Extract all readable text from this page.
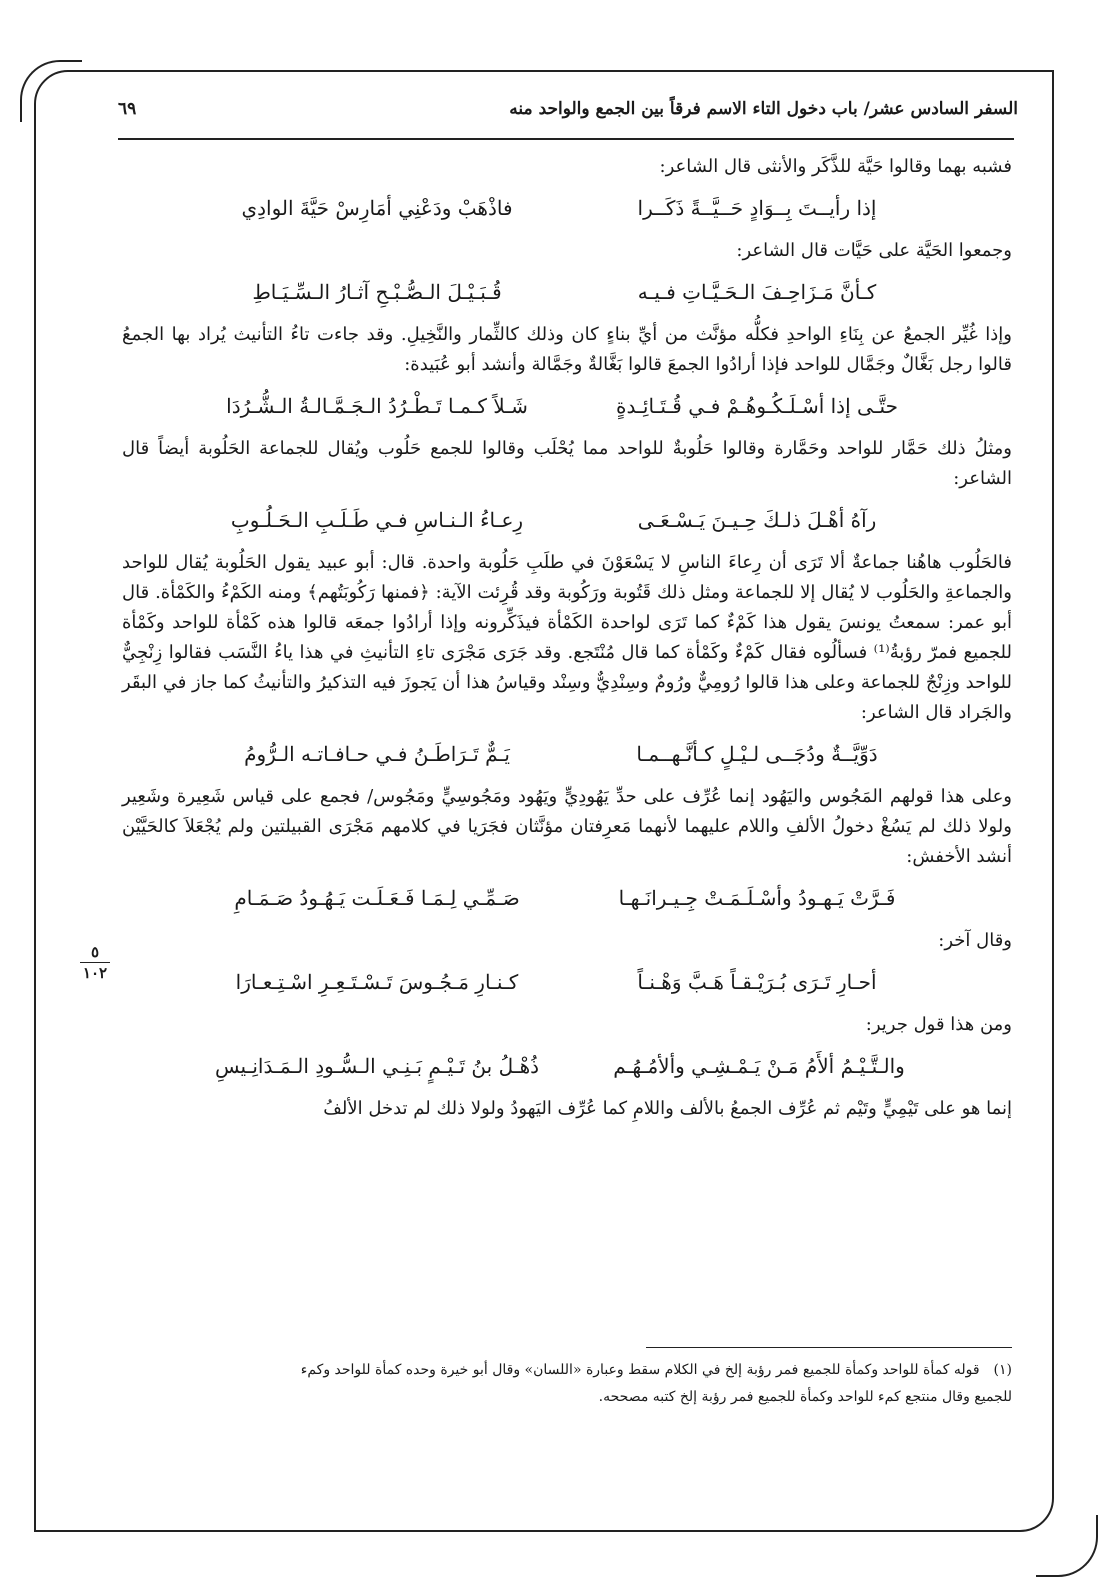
السفر السادس عشر/ باب دخول التاء الاسم فرقاً بين الجمع والواحد منه
٦٩
٥
١٠٢

فشبه بهما وقالوا حَيَّة للذَّكَر والأنثى قال الشاعر:

إذا رأيــتَ بِــوَادٍ حَــيَّــةً ذَكَــرا
فاذْهَبْ ودَعْنِي أمَارِسْ حَيَّةَ الوادِي

وجمعوا الحَيَّة على حَيَّات قال الشاعر:

كـأنَّ مَـزَاحِـفَ الـحَـيَّـاتِ فـيـه
قُـبَـيْـلَ الـصُّـبْـحِ آثـارُ الـسِّـيَـاطِ

وإذا غُيِّر الجمعُ عن بِنَاءِ الواحدِ فكلُّه مؤنَّث من أيِّ بناءٍ كان وذلك كالثِّمار والنَّخِيلِ. وقد جاءت تاءُ التأنيث يُراد بها الجمعُ قالوا رجل بَغَّالٌ وجَمَّال للواحد فإذا أرادُوا الجمعَ قالوا بَغَّالةٌ وجَمَّالة وأنشد أبو عُبَيدة:

حتَّـى إذا أسْـلَـكُـوهُـمْ فـي قُـتَـائِـدةٍ
شَـلاً كـمـا تَـطْـرُدُ الـجَـمَّـالـةُ الـشُّـرُدَا

ومثلُ ذلك حَمَّار للواحد وحَمَّارة وقالوا حَلُوبةٌ للواحد مما يُحْلَب وقالوا للجمع حَلُوب ويُقال للجماعة الحَلُوبة أيضاً قال الشاعر:

رآهُ أهْـلَ ذلـكَ حِـيـنَ يَـسْـعَـى
رِعـاءُ الـنـاسِ فـي طَـلَـبِ الـحَـلُـوبِ

فالحَلُوب هاهُنا جماعةٌ ألا تَرَى أن رِعاءَ الناسِ لا يَسْعَوْنَ في طلَبِ حَلُوبة واحدة. قال: أبو عبيد يقول الحَلُوبة يُقال للواحد والجماعةِ والحَلُوب لا يُقال إلا للجماعة ومثل ذلك قَتُوبة ورَكُوبة وقد قُرِئت الآية: ﴿فمنها رَكُوبَتُهم﴾ ومنه الكَمْءُ والكَمْأة. قال أبو عمر: سمعتُ يونسَ يقول هذا كَمْءٌ كما تَرَى لواحدة الكَمْأة فيذَكِّرونه وإذا أرادُوا جمعَه قالوا هذه كَمْأة للواحد وكَمْأة للجميع فمرّ رؤبةُ⁽¹⁾ فسألُوه فقال كَمْءٌ وكَمْأة كما قال مُنْتَجع. وقد جَرَى مَجْرَى تاءِ التأنيثِ في هذا ياءُ النَّسَب فقالوا زِنْجِيٌّ للواحد وزِنْجٌ للجماعة وعلى هذا قالوا رُومِيٌّ ورُومٌ وسِنْدِيٌّ وسِنْد وقياسُ هذا أن يَجوزَ فيه التذكيرُ والتأنيثُ كما جاز في البقَر والجَراد قال الشاعر:

دَوِّيَّــةٌ ودُجَــى لـيْـلٍ كـأنَّـهــمـا
يَـمٌّ تَـرَاطَـنُ فـي حـافـاتـه الـرُّومُ

وعلى هذا قولهم المَجُوس واليَهُود إنما عُرِّف على حدِّ يَهُودِيٍّ ويَهُود ومَجُوسِيٍّ ومَجُوس/ فجمع على قياس شَعِيرة وشَعِير ولولا ذلك لم يَسُغْ دخولُ الألفِ واللام عليهما لأنهما مَعرِفتان مؤنَّثان فجَرَيا في كلامهم مَجْرَى القبيلتين ولم يُجْعَلاَ كالحَيَّيْن أنشد الأخفش:

فَـرَّتْ يَـهـودُ وأسْـلَـمَـتْ جِـيـرانَـهـا
صَـمِّـي لِـمَـا فَـعَـلَـت يَـهُـودُ صَـمَـامِ

وقال آخر:

أحـارِ تَـرَى بُـرَيْـقـاً هَـبَّ وَهْـنـاً
كـنـارِ مَـجُـوسَ تَـسْـتَـعِـرِ اسْـتِـعـارَا

ومن هذا قول جرير:

والـتَّـيْـمُ ألأَمُ مَـنْ يَـمْـشِـي وألأمُـهُـم
ذُهْـلُ بنُ تَـيْـمٍ بَـنِـي الـسُّـودِ الـمَـدَانِـيسِ

إنما هو على تَيْمِيٍّ وتَيْم ثم عُرِّف الجمعُ بالألف واللامِ كما عُرِّف اليَهودُ ولولا ذلك لم تدخل الألفُ

(١)قوله كمأة للواحد وكمأة للجميع فمر رؤبة إلخ في الكلام سقط وعبارة «اللسان» وقال أبو خيرة وحده كمأة للواحد وكمء

للجميع وقال منتجع كمء للواحد وكمأة للجميع فمر رؤبة إلخ كتبه مصححه.
